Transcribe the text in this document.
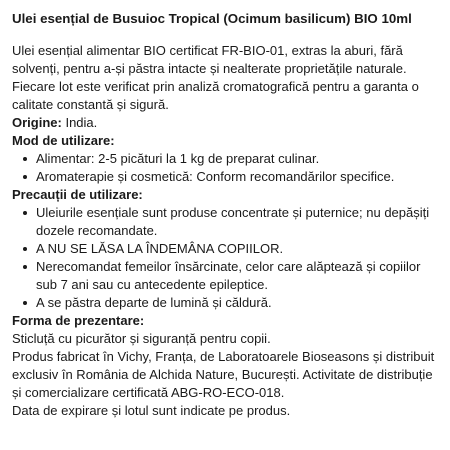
Ulei esențial de Busuioc Tropical (Ocimum basilicum) BIO 10ml

Ulei esențial alimentar BIO certificat FR-BIO-01, extras la aburi, fără solvenți, pentru a-și păstra intacte și nealterate proprietățile naturale.

Fiecare lot este verificat prin analiză cromatografică pentru a garanta o calitate constantă și sigură.

Origine: India.

Mod de utilizare:

Alimentar: 2-5 picături la 1 kg de preparat culinar.
Aromaterapie și cosmetică: Conform recomandărilor specifice.

Precauții de utilizare:

Uleiurile esențiale sunt produse concentrate și puternice; nu depășiți dozele recomandate.
A NU SE LĂSA LA ÎNDEMÂNA COPIILOR.
Nerecomandat femeilor însărcinate, celor care alăptează și copiilor sub 7 ani sau cu antecedente epileptice.
A se păstra departe de lumină și căldură.

Forma de prezentare:

Sticluță cu picurător și siguranță pentru copii.

Produs fabricat în Vichy, Franța, de Laboratoarele Bioseasons și distribuit exclusiv în România de Alchida Nature, București. Activitate de distribuție și comercializare certificată ABG-RO-ECO-018.

Data de expirare și lotul sunt indicate pe produs.
